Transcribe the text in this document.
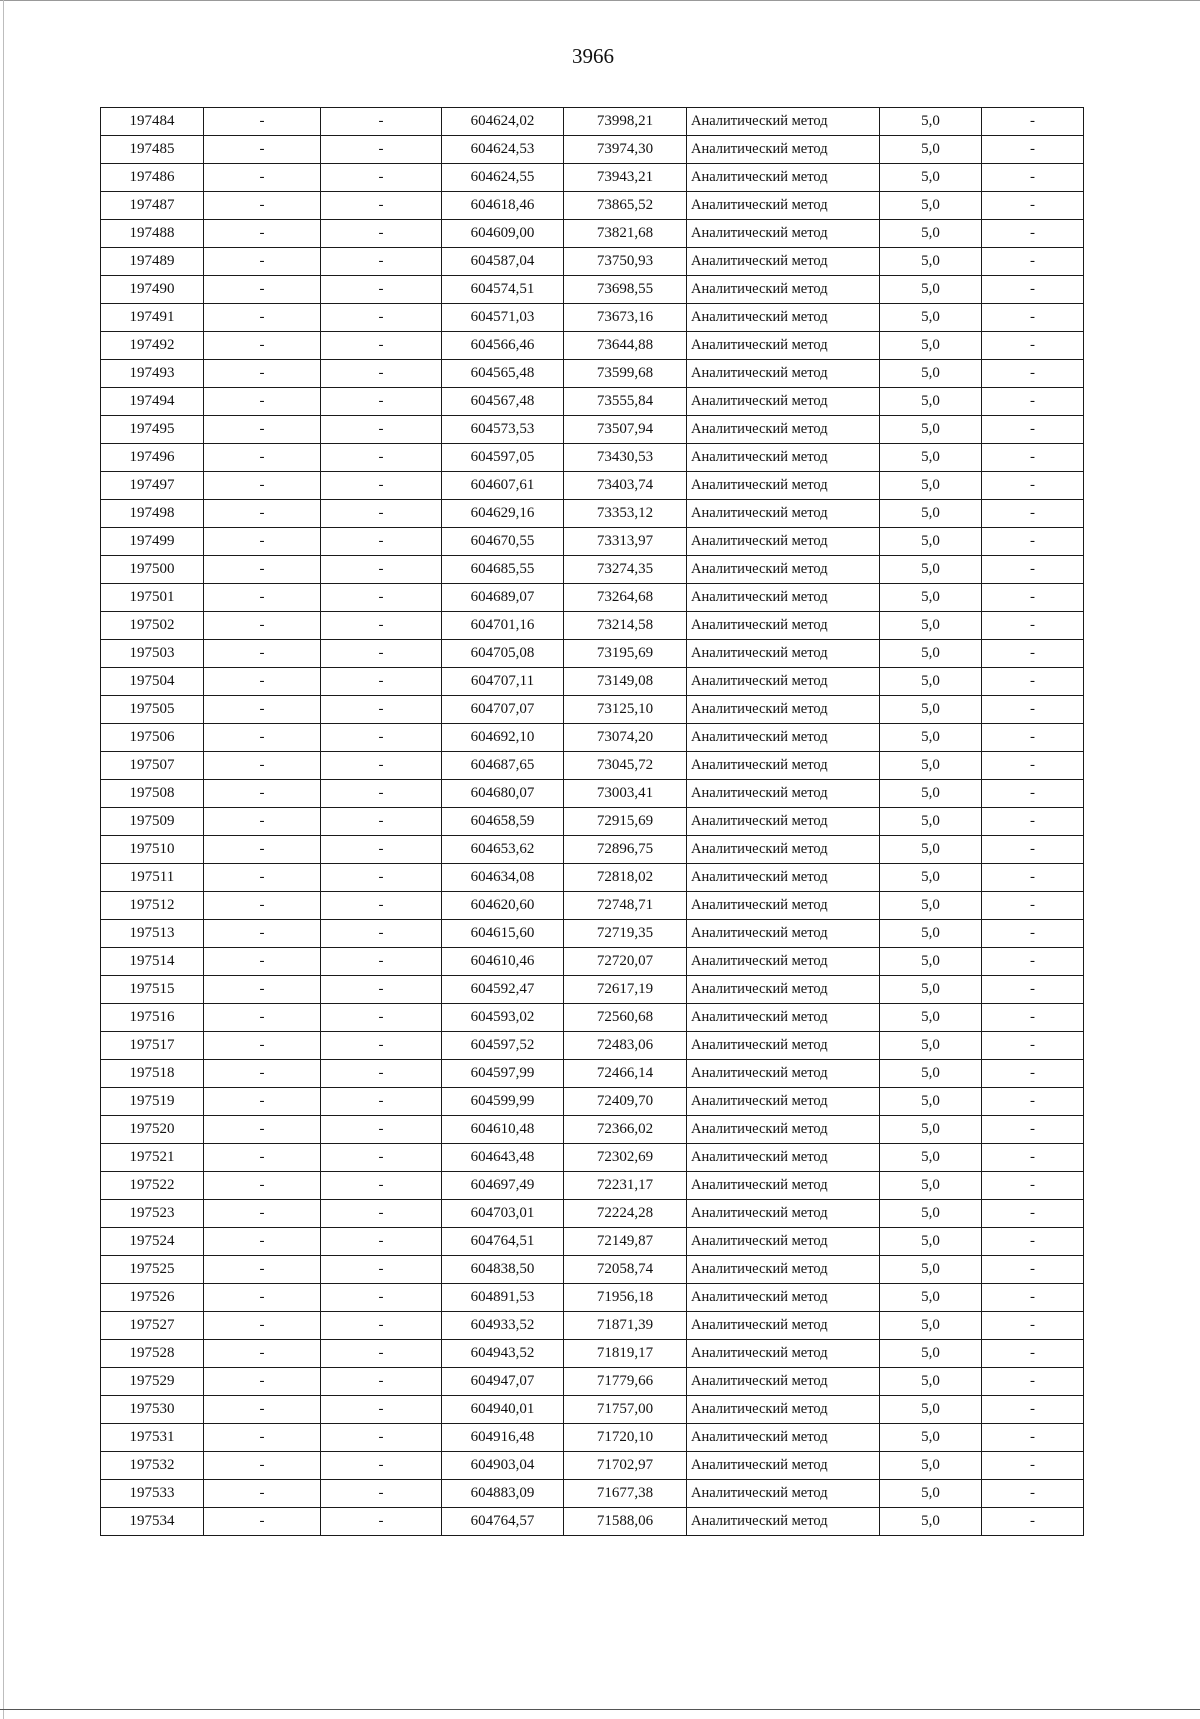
3966
197484	-	-	604624,02	73998,21	Аналитический метод	5,0	-
197485	-	-	604624,53	73974,30	Аналитический метод	5,0	-
197486	-	-	604624,55	73943,21	Аналитический метод	5,0	-
197487	-	-	604618,46	73865,52	Аналитический метод	5,0	-
197488	-	-	604609,00	73821,68	Аналитический метод	5,0	-
197489	-	-	604587,04	73750,93	Аналитический метод	5,0	-
197490	-	-	604574,51	73698,55	Аналитический метод	5,0	-
197491	-	-	604571,03	73673,16	Аналитический метод	5,0	-
197492	-	-	604566,46	73644,88	Аналитический метод	5,0	-
197493	-	-	604565,48	73599,68	Аналитический метод	5,0	-
197494	-	-	604567,48	73555,84	Аналитический метод	5,0	-
197495	-	-	604573,53	73507,94	Аналитический метод	5,0	-
197496	-	-	604597,05	73430,53	Аналитический метод	5,0	-
197497	-	-	604607,61	73403,74	Аналитический метод	5,0	-
197498	-	-	604629,16	73353,12	Аналитический метод	5,0	-
197499	-	-	604670,55	73313,97	Аналитический метод	5,0	-
197500	-	-	604685,55	73274,35	Аналитический метод	5,0	-
197501	-	-	604689,07	73264,68	Аналитический метод	5,0	-
197502	-	-	604701,16	73214,58	Аналитический метод	5,0	-
197503	-	-	604705,08	73195,69	Аналитический метод	5,0	-
197504	-	-	604707,11	73149,08	Аналитический метод	5,0	-
197505	-	-	604707,07	73125,10	Аналитический метод	5,0	-
197506	-	-	604692,10	73074,20	Аналитический метод	5,0	-
197507	-	-	604687,65	73045,72	Аналитический метод	5,0	-
197508	-	-	604680,07	73003,41	Аналитический метод	5,0	-
197509	-	-	604658,59	72915,69	Аналитический метод	5,0	-
197510	-	-	604653,62	72896,75	Аналитический метод	5,0	-
197511	-	-	604634,08	72818,02	Аналитический метод	5,0	-
197512	-	-	604620,60	72748,71	Аналитический метод	5,0	-
197513	-	-	604615,60	72719,35	Аналитический метод	5,0	-
197514	-	-	604610,46	72720,07	Аналитический метод	5,0	-
197515	-	-	604592,47	72617,19	Аналитический метод	5,0	-
197516	-	-	604593,02	72560,68	Аналитический метод	5,0	-
197517	-	-	604597,52	72483,06	Аналитический метод	5,0	-
197518	-	-	604597,99	72466,14	Аналитический метод	5,0	-
197519	-	-	604599,99	72409,70	Аналитический метод	5,0	-
197520	-	-	604610,48	72366,02	Аналитический метод	5,0	-
197521	-	-	604643,48	72302,69	Аналитический метод	5,0	-
197522	-	-	604697,49	72231,17	Аналитический метод	5,0	-
197523	-	-	604703,01	72224,28	Аналитический метод	5,0	-
197524	-	-	604764,51	72149,87	Аналитический метод	5,0	-
197525	-	-	604838,50	72058,74	Аналитический метод	5,0	-
197526	-	-	604891,53	71956,18	Аналитический метод	5,0	-
197527	-	-	604933,52	71871,39	Аналитический метод	5,0	-
197528	-	-	604943,52	71819,17	Аналитический метод	5,0	-
197529	-	-	604947,07	71779,66	Аналитический метод	5,0	-
197530	-	-	604940,01	71757,00	Аналитический метод	5,0	-
197531	-	-	604916,48	71720,10	Аналитический метод	5,0	-
197532	-	-	604903,04	71702,97	Аналитический метод	5,0	-
197533	-	-	604883,09	71677,38	Аналитический метод	5,0	-
197534	-	-	604764,57	71588,06	Аналитический метод	5,0	-
